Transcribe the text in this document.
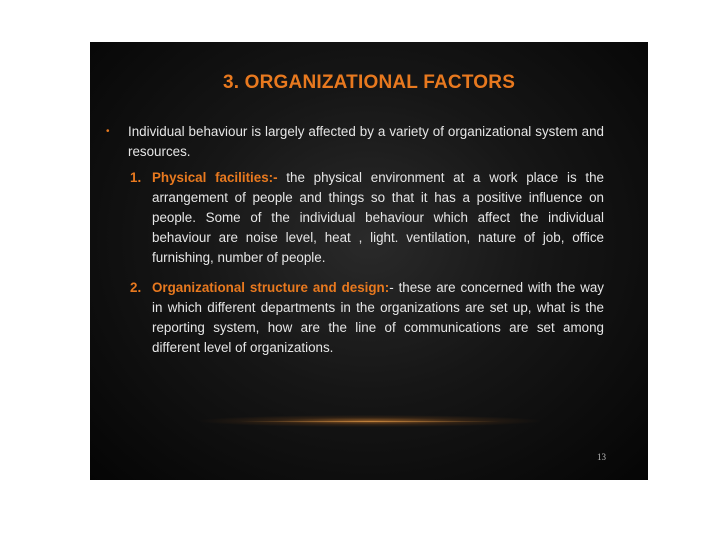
3. ORGANIZATIONAL FACTORS
•	Individual behaviour is largely affected by a variety of organizational system and resources.
1. Physical facilities:- the physical environment at a work place is the arrangement of people and things so that it has a positive influence on people. Some of the individual behaviour which affect the individual behaviour are noise level, heat , light. ventilation, nature of job, office furnishing, number of people.
2. Organizational structure and design:- these are concerned with the way in which different departments in the organizations are set up, what is the reporting system, how are the line of communications are set among different level of organizations.
13
